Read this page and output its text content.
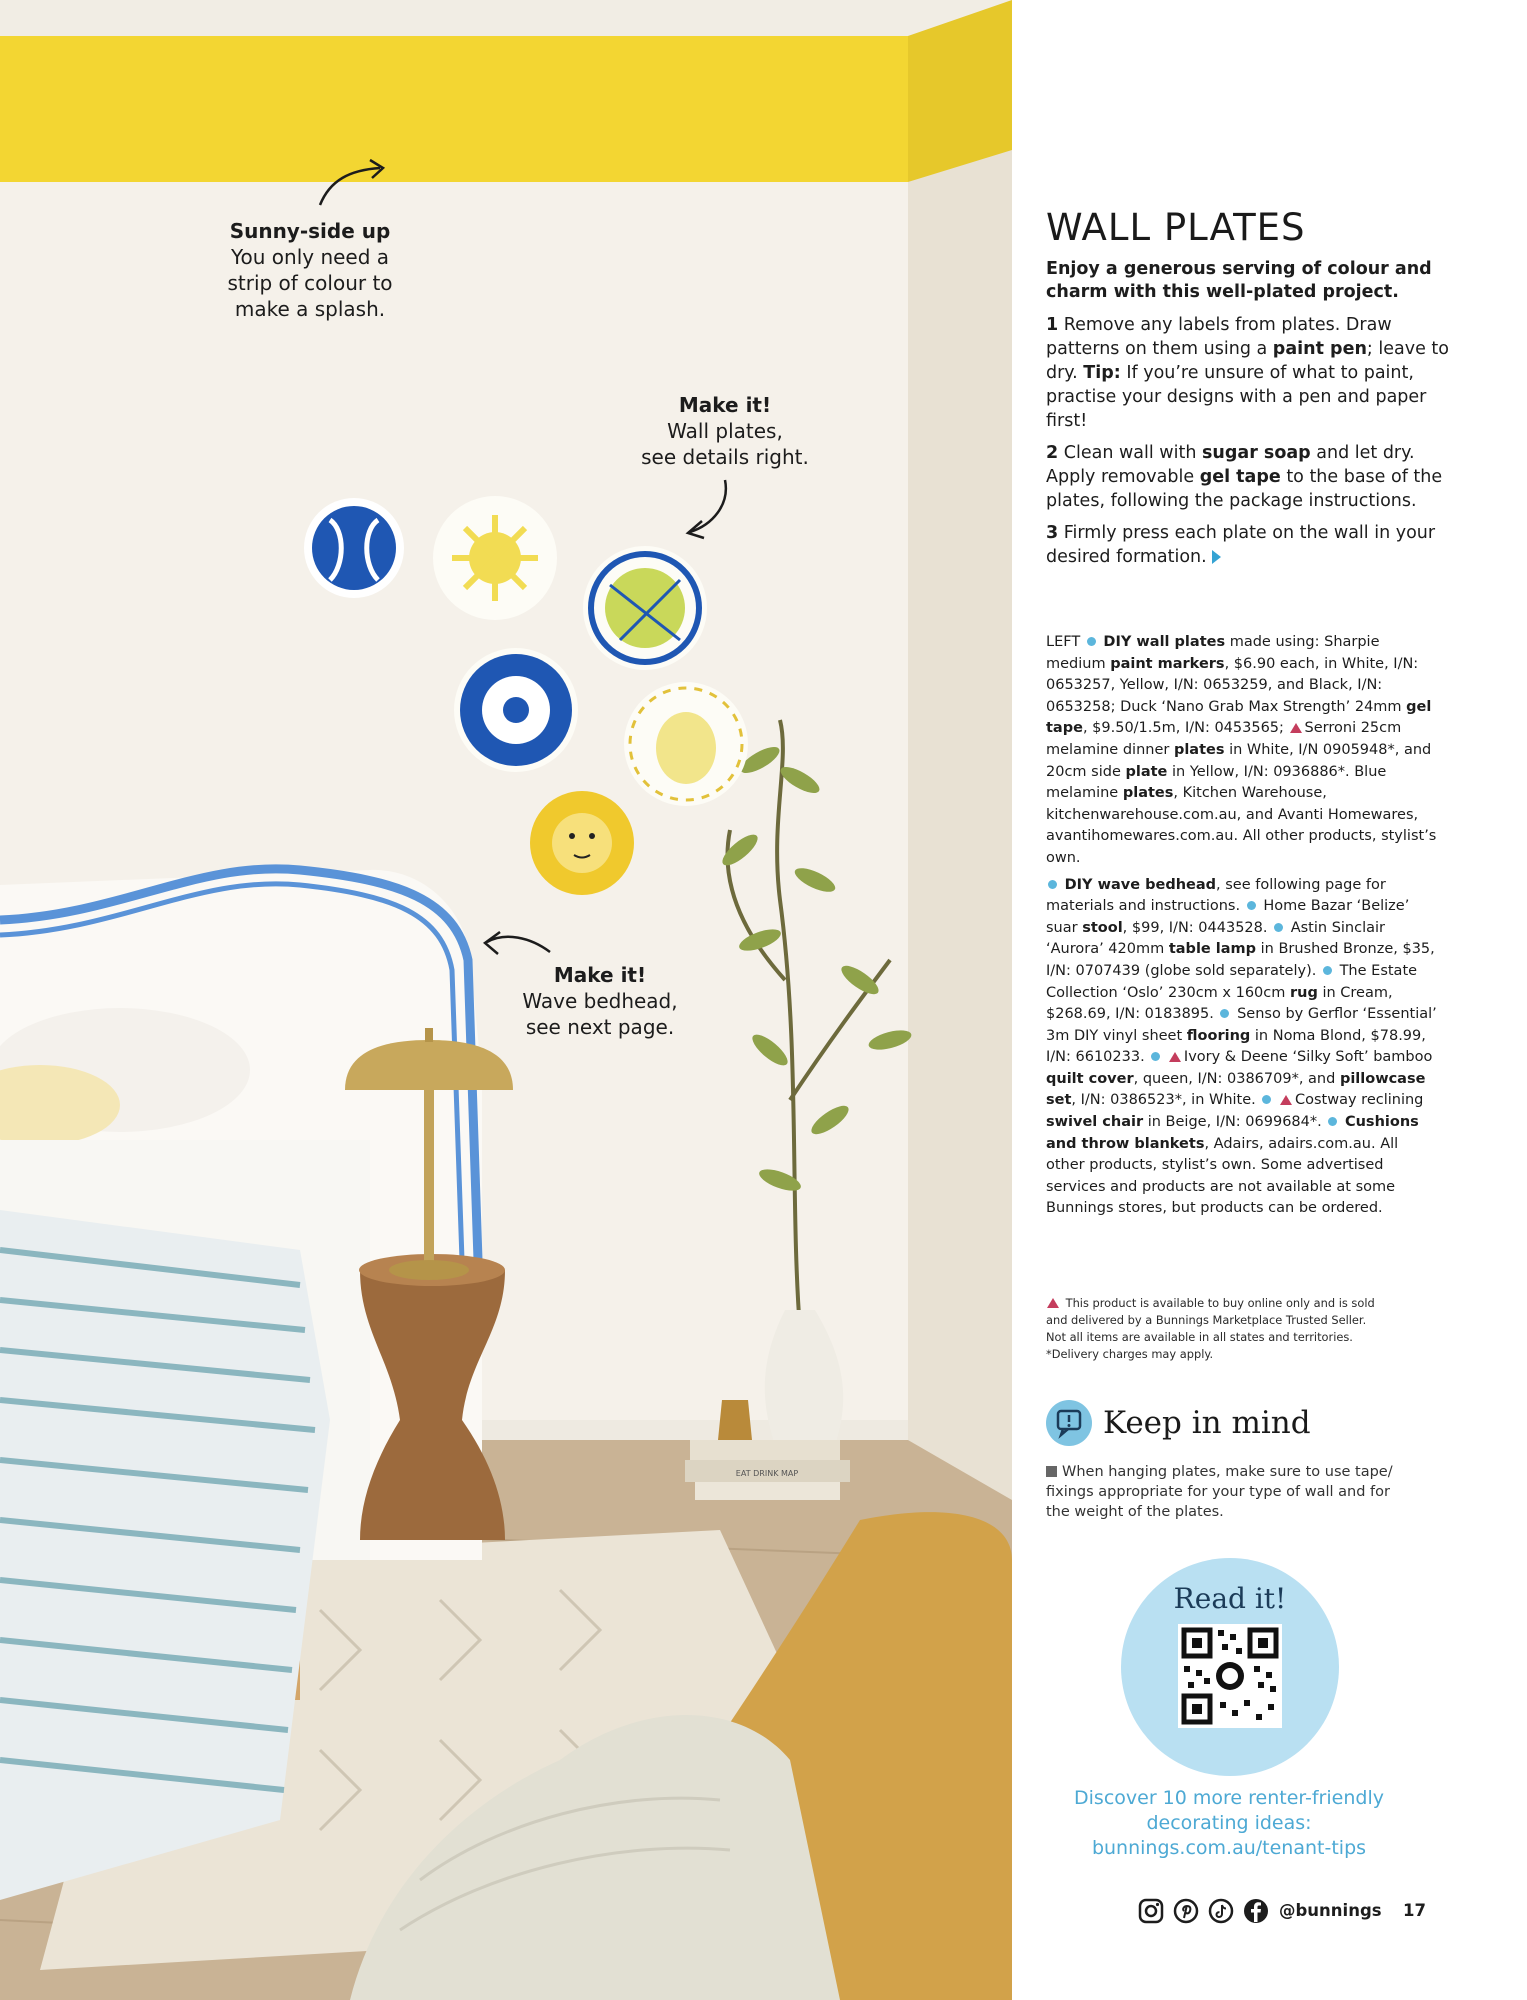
EAT DRINK MAP
Sunny-side up
You only need a
strip of colour to
make a splash.
Make it!
Wall plates,
see details right.
Make it!
Wave bedhead,
see next page.
WALL PLATES

Enjoy a generous serving of colour and charm with this well-plated project.

1 Remove any labels from plates. Draw patterns on them using a paint pen; leave to dry. Tip: If you’re unsure of what to paint, practise your designs with a pen and paper first!

2 Clean wall with sugar soap and let dry. Apply removable gel tape to the base of the plates, following the package instructions.

3 Firmly press each plate on the wall in your desired formation.

LEFT  DIY wall plates made using: Sharpie medium paint markers, $6.90 each, in White, I/N: 0653257, Yellow, I/N: 0653259, and Black, I/N: 0653258; Duck ‘Nano Grab Max Strength’ 24mm gel tape, $9.50/1.5m, I/N: 0453565; Serroni 25cm melamine dinner plates in White, I/N 0905948*, and 20cm side plate in Yellow, I/N: 0936886*. Blue melamine plates, Kitchen Warehouse, kitchenwarehouse.com.au, and Avanti Homewares, avantihomewares.com.au. All other products, stylist’s own.

DIY wave bedhead, see following page for materials and instructions.  Home Bazar ‘Belize’ suar stool, $99, I/N: 0443528.  Astin Sinclair ‘Aurora’ 420mm table lamp in Brushed Bronze, $35, I/N: 0707439 (globe sold separately).  The Estate Collection ‘Oslo’ 230cm x 160cm rug in Cream, $268.69, I/N: 0183895.  Senso by Gerflor ‘Essential’ 3m DIY vinyl sheet flooring in Noma Blond, $78.99, I/N: 6610233.  Ivory & Deene ‘Silky Soft’ bamboo quilt cover, queen, I/N: 0386709*, and pillowcase set, I/N: 0386523*, in White.  Costway reclining swivel chair in Beige, I/N: 0699684*.  Cushions and throw blankets, Adairs, adairs.com.au. All other products, stylist’s own. Some advertised services and products are not available at some Bunnings stores, but products can be ordered.

This product is available to buy online only and is sold

and delivered by a Bunnings Marketplace Trusted Seller.

Not all items are available in all states and territories.

*Delivery charges may apply.

Keep in mind
When hanging plates, make sure to use tape/ fixings appropriate for your type of wall and for the weight of the plates.
Read it!
Discover 10 more renter-friendly
decorating ideas:
bunnings.com.au/tenant-tips
@bunnings 17
